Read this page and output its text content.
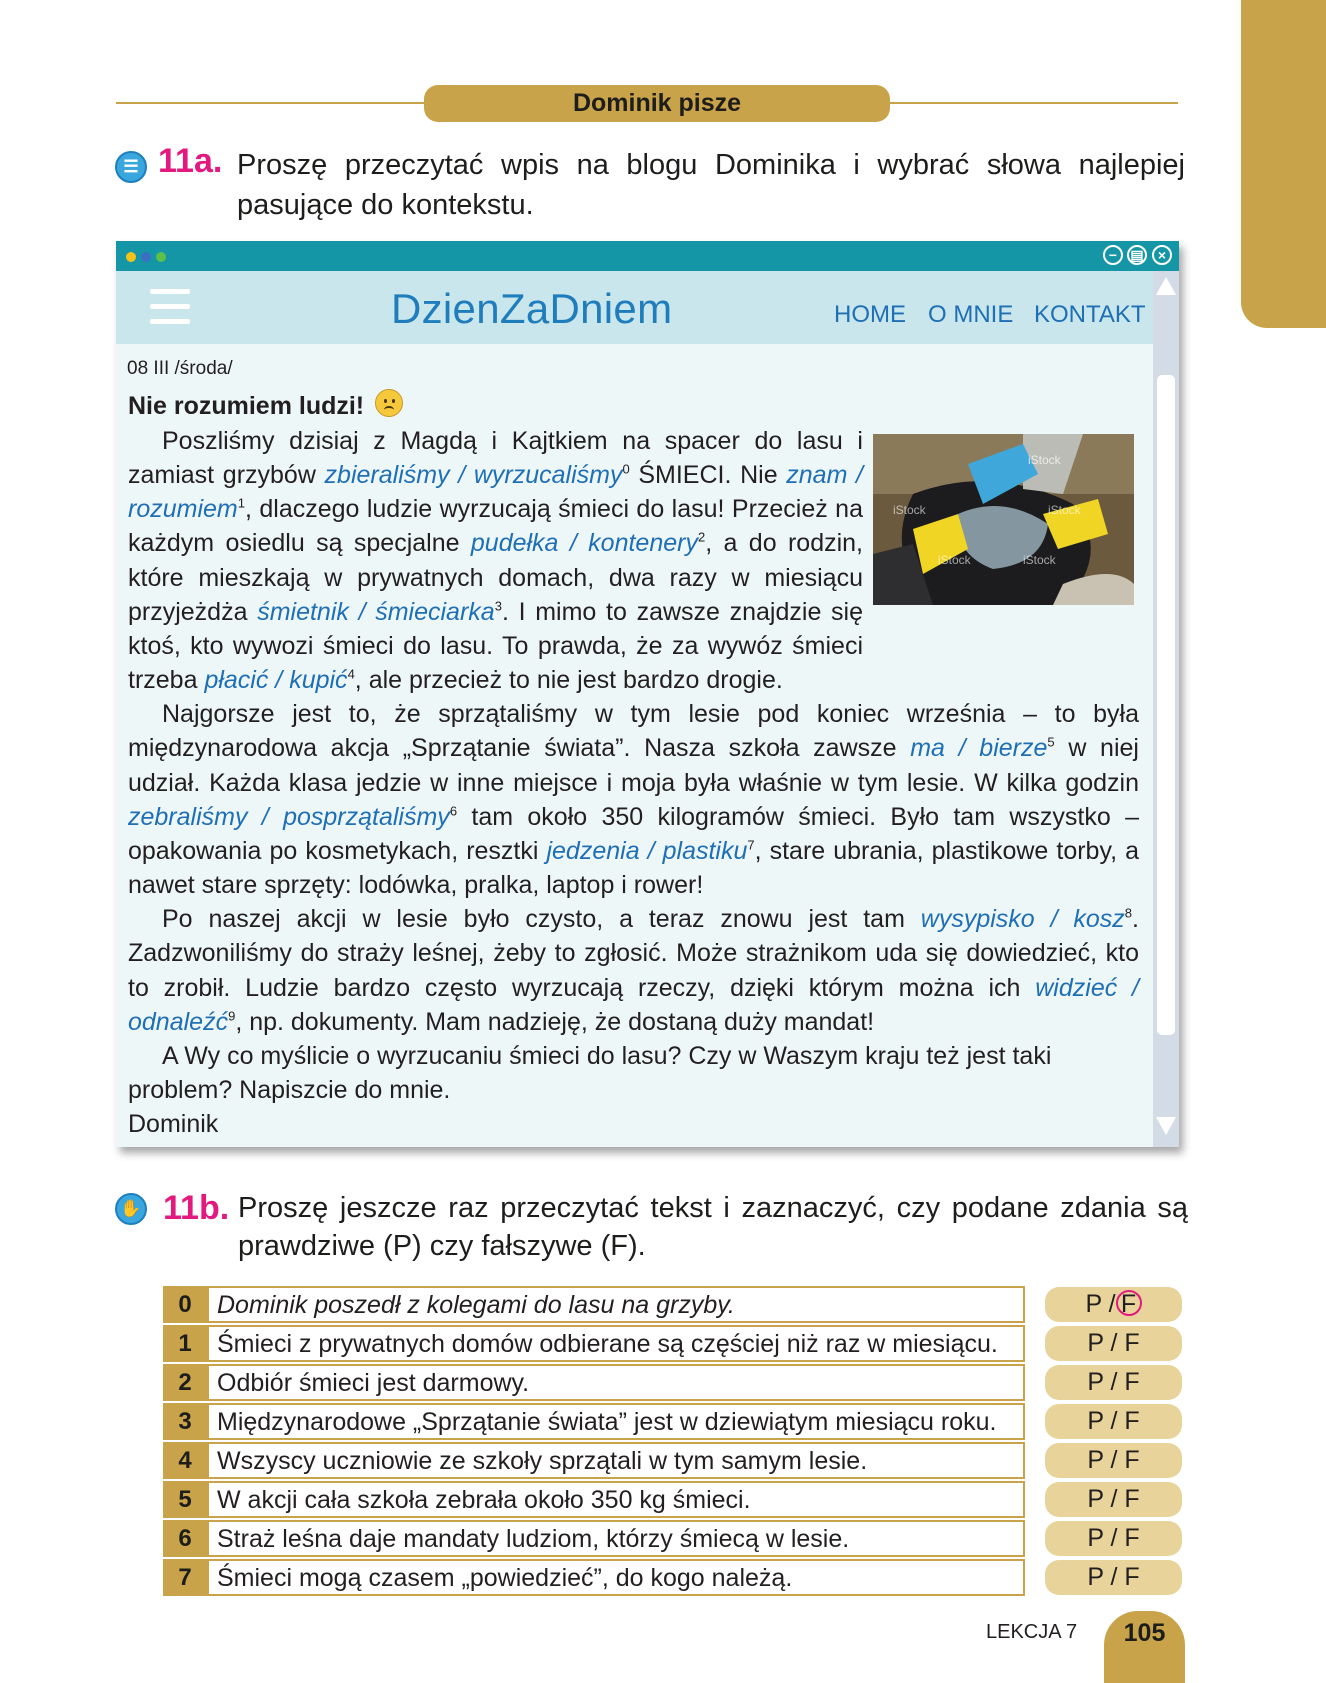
Dominik pisze
☰ 11a. Proszę przeczytać wpis na blogu Dominika i wybrać słowa najlepiej pasujące do kontekstu.
− ▤	×
DzienZaDniem	HOME O MNIE KONTAKT
08 III /środa/
Nie rozumiem ludzi!
iStock
iStock	iStock
iStock	iStock

Poszliśmy dzisiaj z Magdą i Kajtkiem na spacer do lasu i zamiast grzybów zbieraliśmy / wyrzucaliśmy$^0$ ŚMIECI. Nie znam / rozumiem$^1$, dlaczego ludzie wyrzucają śmieci do lasu! Przecież na każdym osiedlu są specjalne pudełka / kontenery$^2$, a do rodzin, które mieszkają w prywatnych domach, dwa razy w miesiącu przyjeżdża śmietnik / śmieciarka$^3$. I mimo to zawsze znajdzie się ktoś, kto wywozi śmieci do lasu. To prawda, że za wywóz śmieci trzeba płacić / kupić$^4$, ale przecież to nie jest bardzo drogie.

Najgorsze jest to, że sprzątaliśmy w tym lesie pod koniec września – to była międzynarodowa akcja „Sprzątanie świata”. Nasza szkoła zawsze ma / bierze$^5$ w niej udział. Każda klasa jedzie w inne miejsce i moja była właśnie w tym lesie. W kilka godzin zebraliśmy / posprzątaliśmy$^6$ tam około 350 kilogramów śmieci. Było tam wszystko – opakowania po kosmetykach, resztki jedzenia / plastiku$^7$, stare ubrania, plastikowe torby, a nawet stare sprzęty: lodówka, pralka, laptop i rower!

Po naszej akcji w lesie było czysto, a teraz znowu jest tam wysypisko / kosz$^8$. Zadzwoniliśmy do straży leśnej, żeby to zgłosić. Może strażnikom uda się dowiedzieć, kto to zrobił. Ludzie bardzo często wyrzucają rzeczy, dzięki którym można ich widzieć / odnaleźć$^9$, np. dokumenty. Mam nadzieję, że dostaną duży mandat!

A Wy co myślicie o wyrzucaniu śmieci do lasu? Czy w Waszym kraju też jest taki problem? Napiszcie do mnie.

Dominik

✋ 11b. Proszę jeszcze raz przeczytać tekst i zaznaczyć, czy podane zdania są prawdziwe (P) czy fałszywe (F).
0	Dominik poszedł z kolegami do lasu na grzyby.	P / F
1	Śmieci z prywatnych domów odbierane są częściej niż raz w miesiącu.	P / F
2	Odbiór śmieci jest darmowy.	P / F
3	Międzynarodowe „Sprzątanie świata” jest w dziewiątym miesiącu roku.	P / F
4	Wszyscy uczniowie ze szkoły sprzątali w tym samym lesie.	P / F
5	W akcji cała szkoła zebrała około 350 kg śmieci.	P / F
6	Straż leśna daje mandaty ludziom, którzy śmiecą w lesie.	P / F
7	Śmieci mogą czasem „powiedzieć”, do kogo należą.	P / F
LEKCJA 7	105
